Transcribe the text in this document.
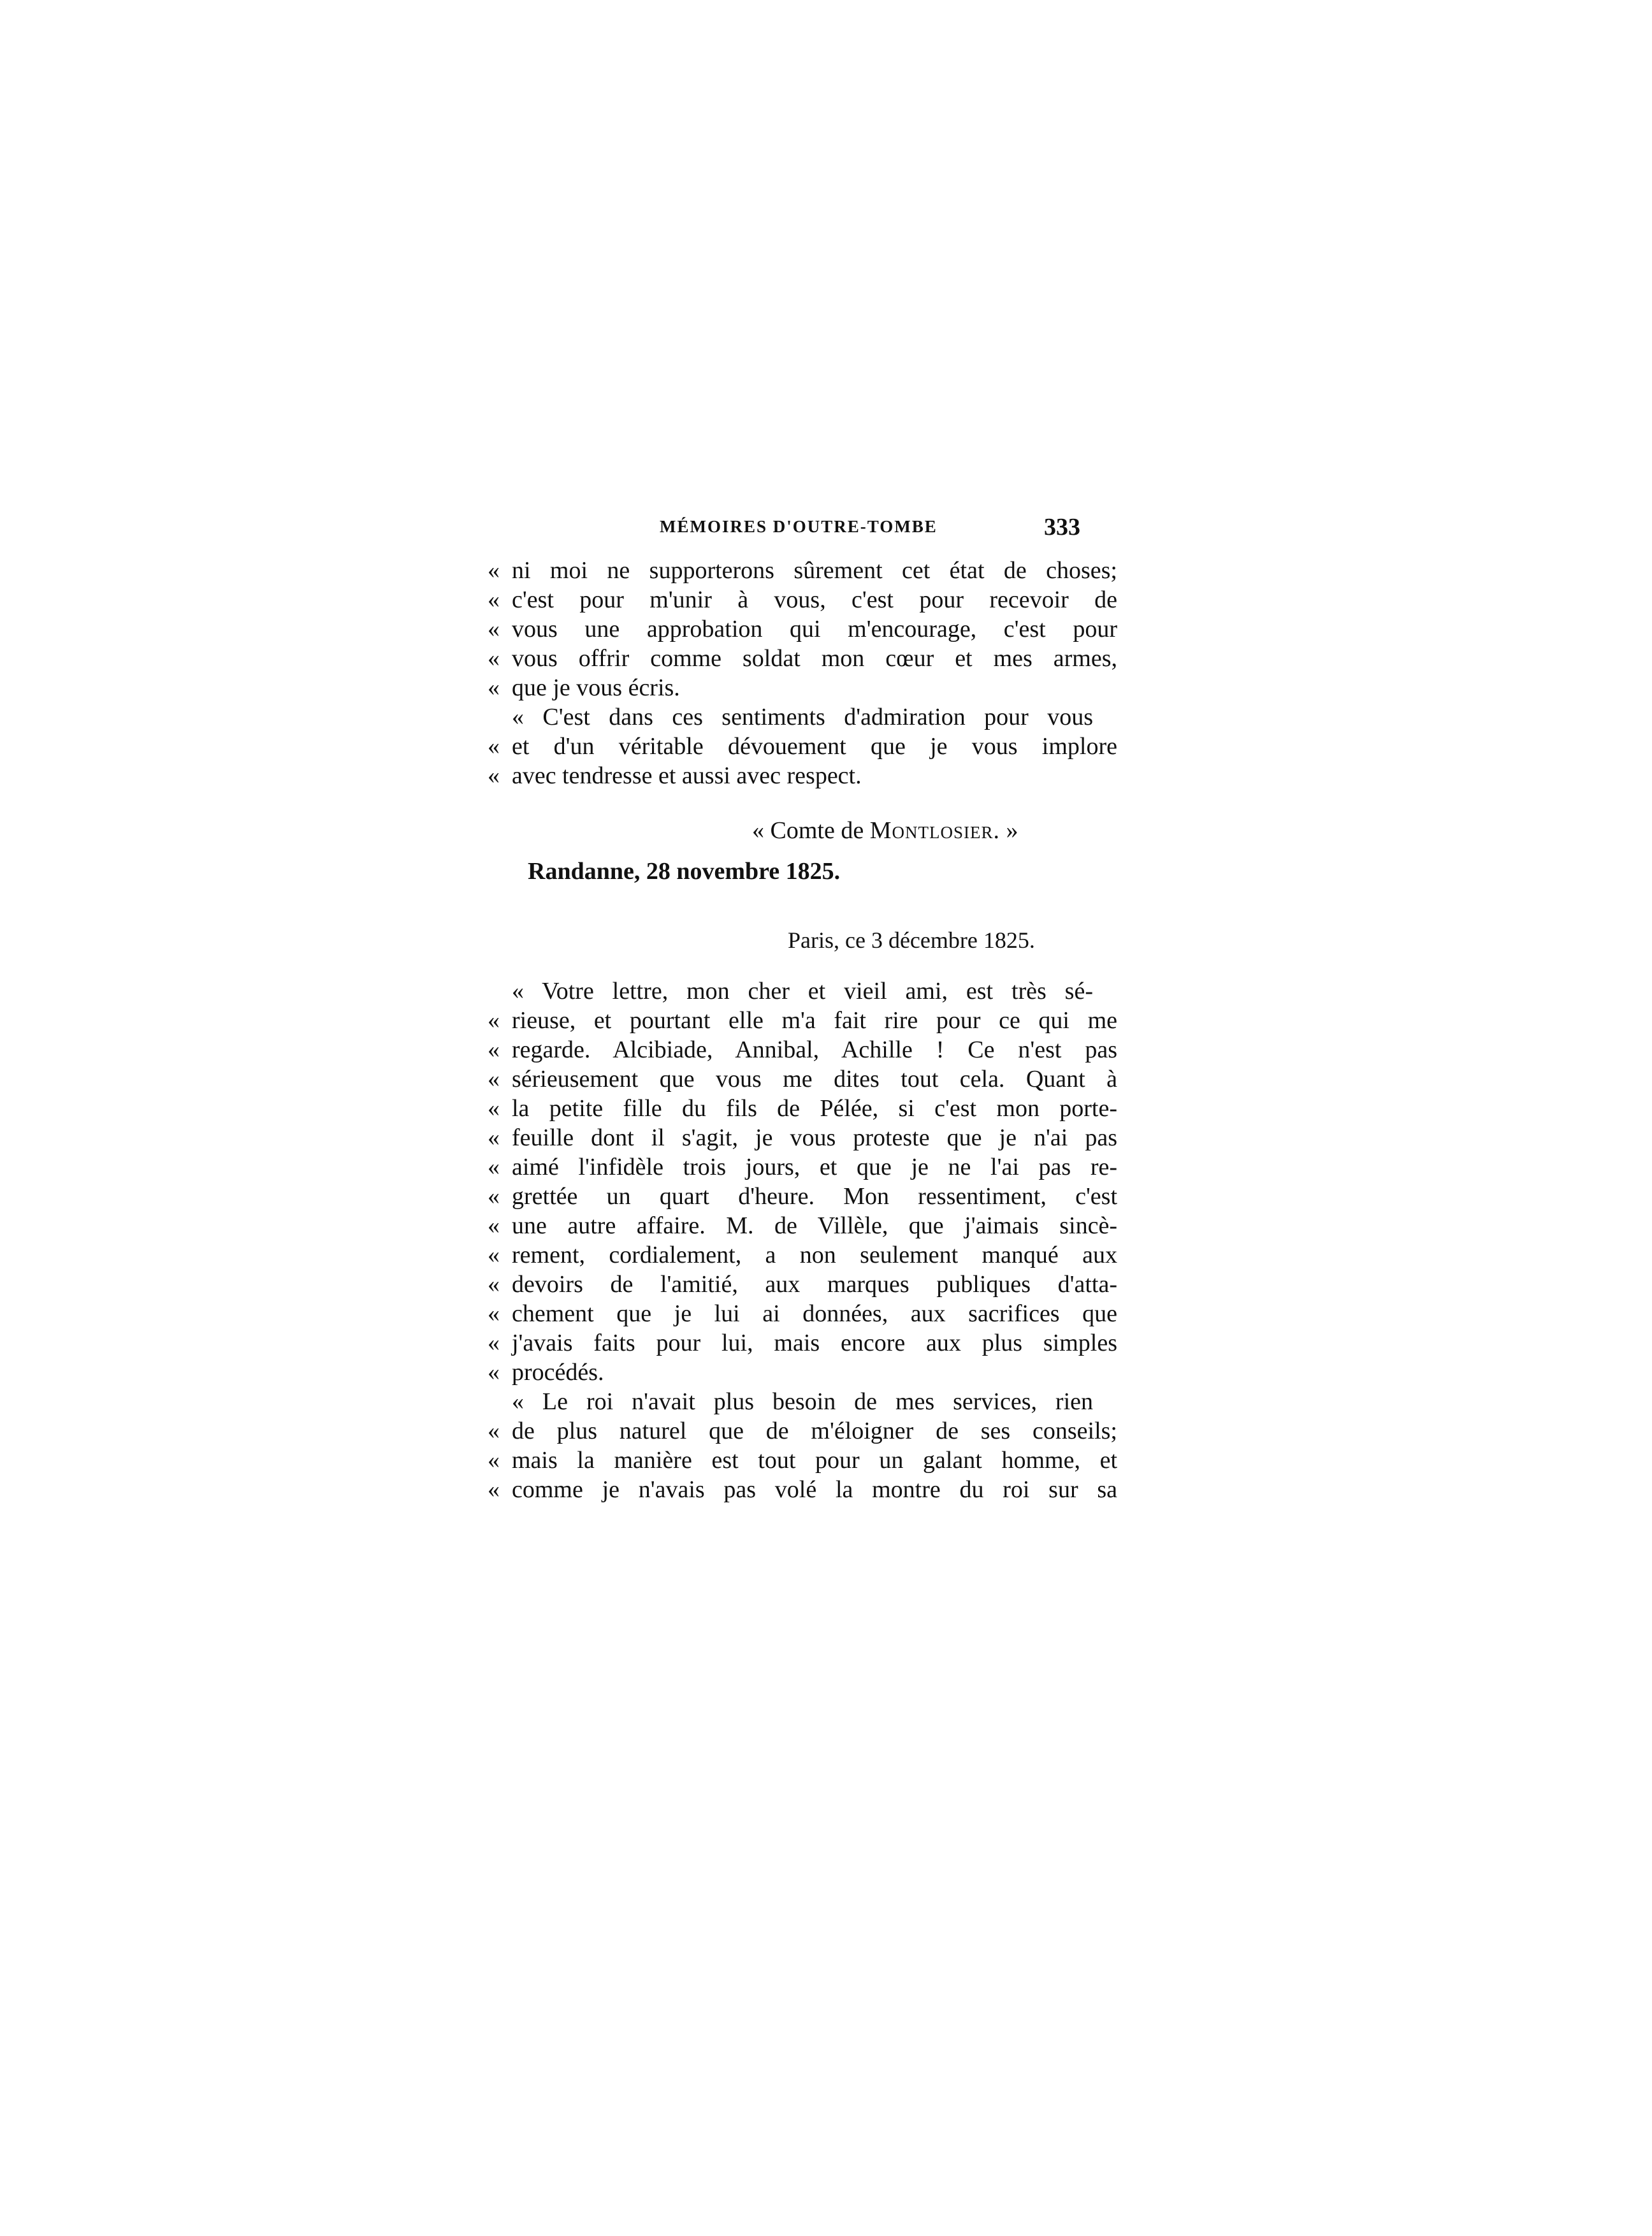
MÉMOIRES D'OUTRE-TOMBE	333
« ni moi ne supporterons sûrement cet état de choses;
« c'est pour m'unir à vous, c'est pour recevoir de
« vous une approbation qui m'encourage, c'est pour
« vous offrir comme soldat mon cœur et mes armes,
« que je vous écris.
« C'est dans ces sentiments d'admiration pour vous
« et d'un véritable dévouement que je vous implore
« avec tendresse et aussi avec respect.
« Comte de Montlosier. »
Randanne, 28 novembre 1825.
Paris, ce 3 décembre 1825.
« Votre lettre, mon cher et vieil ami, est très sé-
« rieuse, et pourtant elle m'a fait rire pour ce qui me
« regarde. Alcibiade, Annibal, Achille ! Ce n'est pas
« sérieusement que vous me dites tout cela. Quant à
« la petite fille du fils de Pélée, si c'est mon porte-
« feuille dont il s'agit, je vous proteste que je n'ai pas
« aimé l'infidèle trois jours, et que je ne l'ai pas re-
« grettée un quart d'heure. Mon ressentiment, c'est
« une autre affaire. M. de Villèle, que j'aimais sincè-
« rement, cordialement, a non seulement manqué aux
« devoirs de l'amitié, aux marques publiques d'atta-
« chement que je lui ai données, aux sacrifices que
« j'avais faits pour lui, mais encore aux plus simples
« procédés.
« Le roi n'avait plus besoin de mes services, rien
« de plus naturel que de m'éloigner de ses conseils;
« mais la manière est tout pour un galant homme, et
« comme je n'avais pas volé la montre du roi sur sa
